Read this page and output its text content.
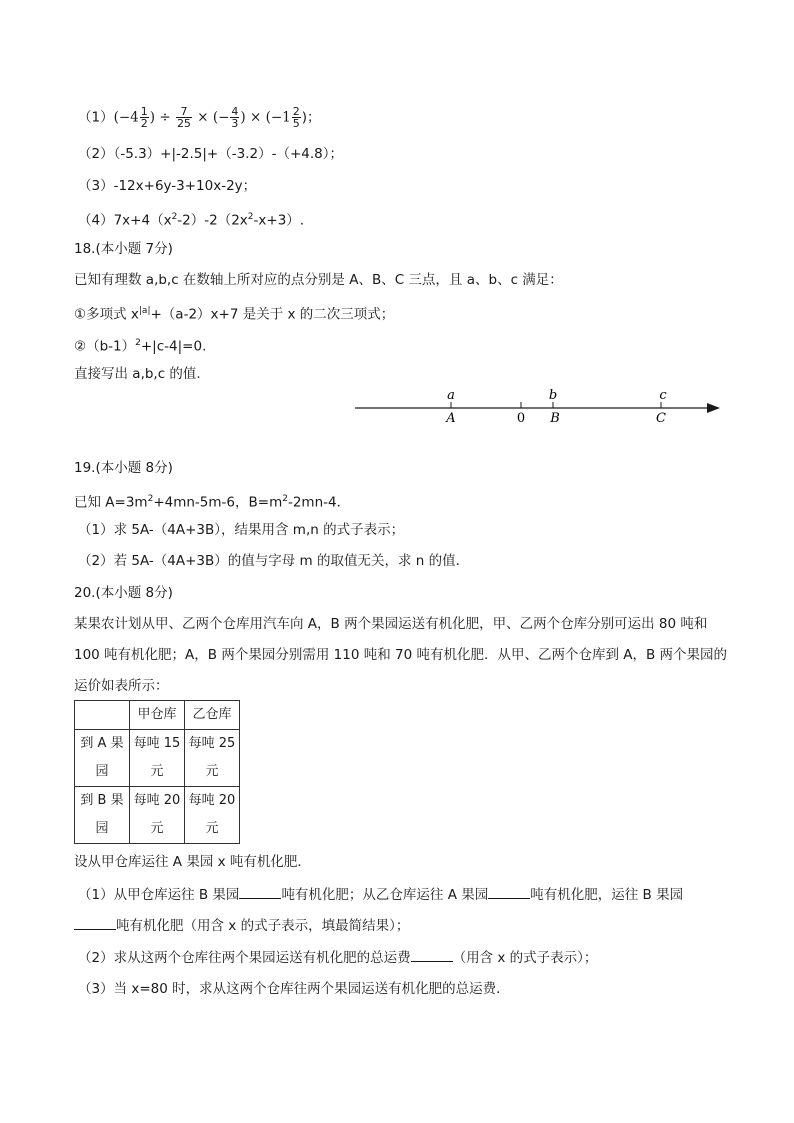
$(1)(-4 \frac{1}{2}$ ) ÷ $\frac{7}{25}$ × (− $\frac{4}{3}$ ) × ($-1 \frac{2}{5}$ )；
（2）（-5.3）+|-2.5|+（-3.2）-（+4.8）；
（3）-12x+6y-3+10x-2y；
$(4)7x+4(x^2-2)-2(2x^2-x+3)$.
18.(本小题 7分)
已知有理数 a,b,c 在数轴上所对应的点分别是 A、B、C 三点，且 a、b、c 满足：
①多项式 $x^{|a|}+(a-2)x+7$ 是关于 x 的二次三项式；
$②(b-1)^2+|c-4|=0$.
直接写出 a,b,c 的值.
a	b	c
A	0 B	C
19.(本小题 8分)
已知 $A=3m^2+4mn-5m-6$，$B=m^2-2mn-4$．
（1）求 5A-（4A+3B），结果用含 m,n 的式子表示；
（2）若 5A-（4A+3B）的值与字母 m 的取值无关，求 n 的值．
20.(本小题 8分)
某果农计划从甲、乙两个仓库用汽车向 A，B 两个果园运送有机化肥，甲、乙两个仓库分别可运出 80 吨和
100 吨有机化肥；A，B 两个果园分别需用 110 吨和 70 吨有机化肥．从甲、乙两个仓库到 A，B 两个果园的
运价如表所示：
	甲仓库	乙仓库
到 A 果园	每吨 15 元	每吨 25 元
到 B 果园	每吨 20 元	每吨 20 元
设从甲仓库运往 A 果园 x 吨有机化肥．
（1）从甲仓库运往 B 果园	吨有机化肥；从乙仓库运往 A 果园	吨有机化肥，运往 B 果园
吨有机化肥（用含 x 的式子表示，填最简结果）；
（2）求从这两个仓库往两个果园运送有机化肥的总运费	（用含 x 的式子表示）；
（3）当 x=80 时，求从这两个仓库往两个果园运送有机化肥的总运费．
